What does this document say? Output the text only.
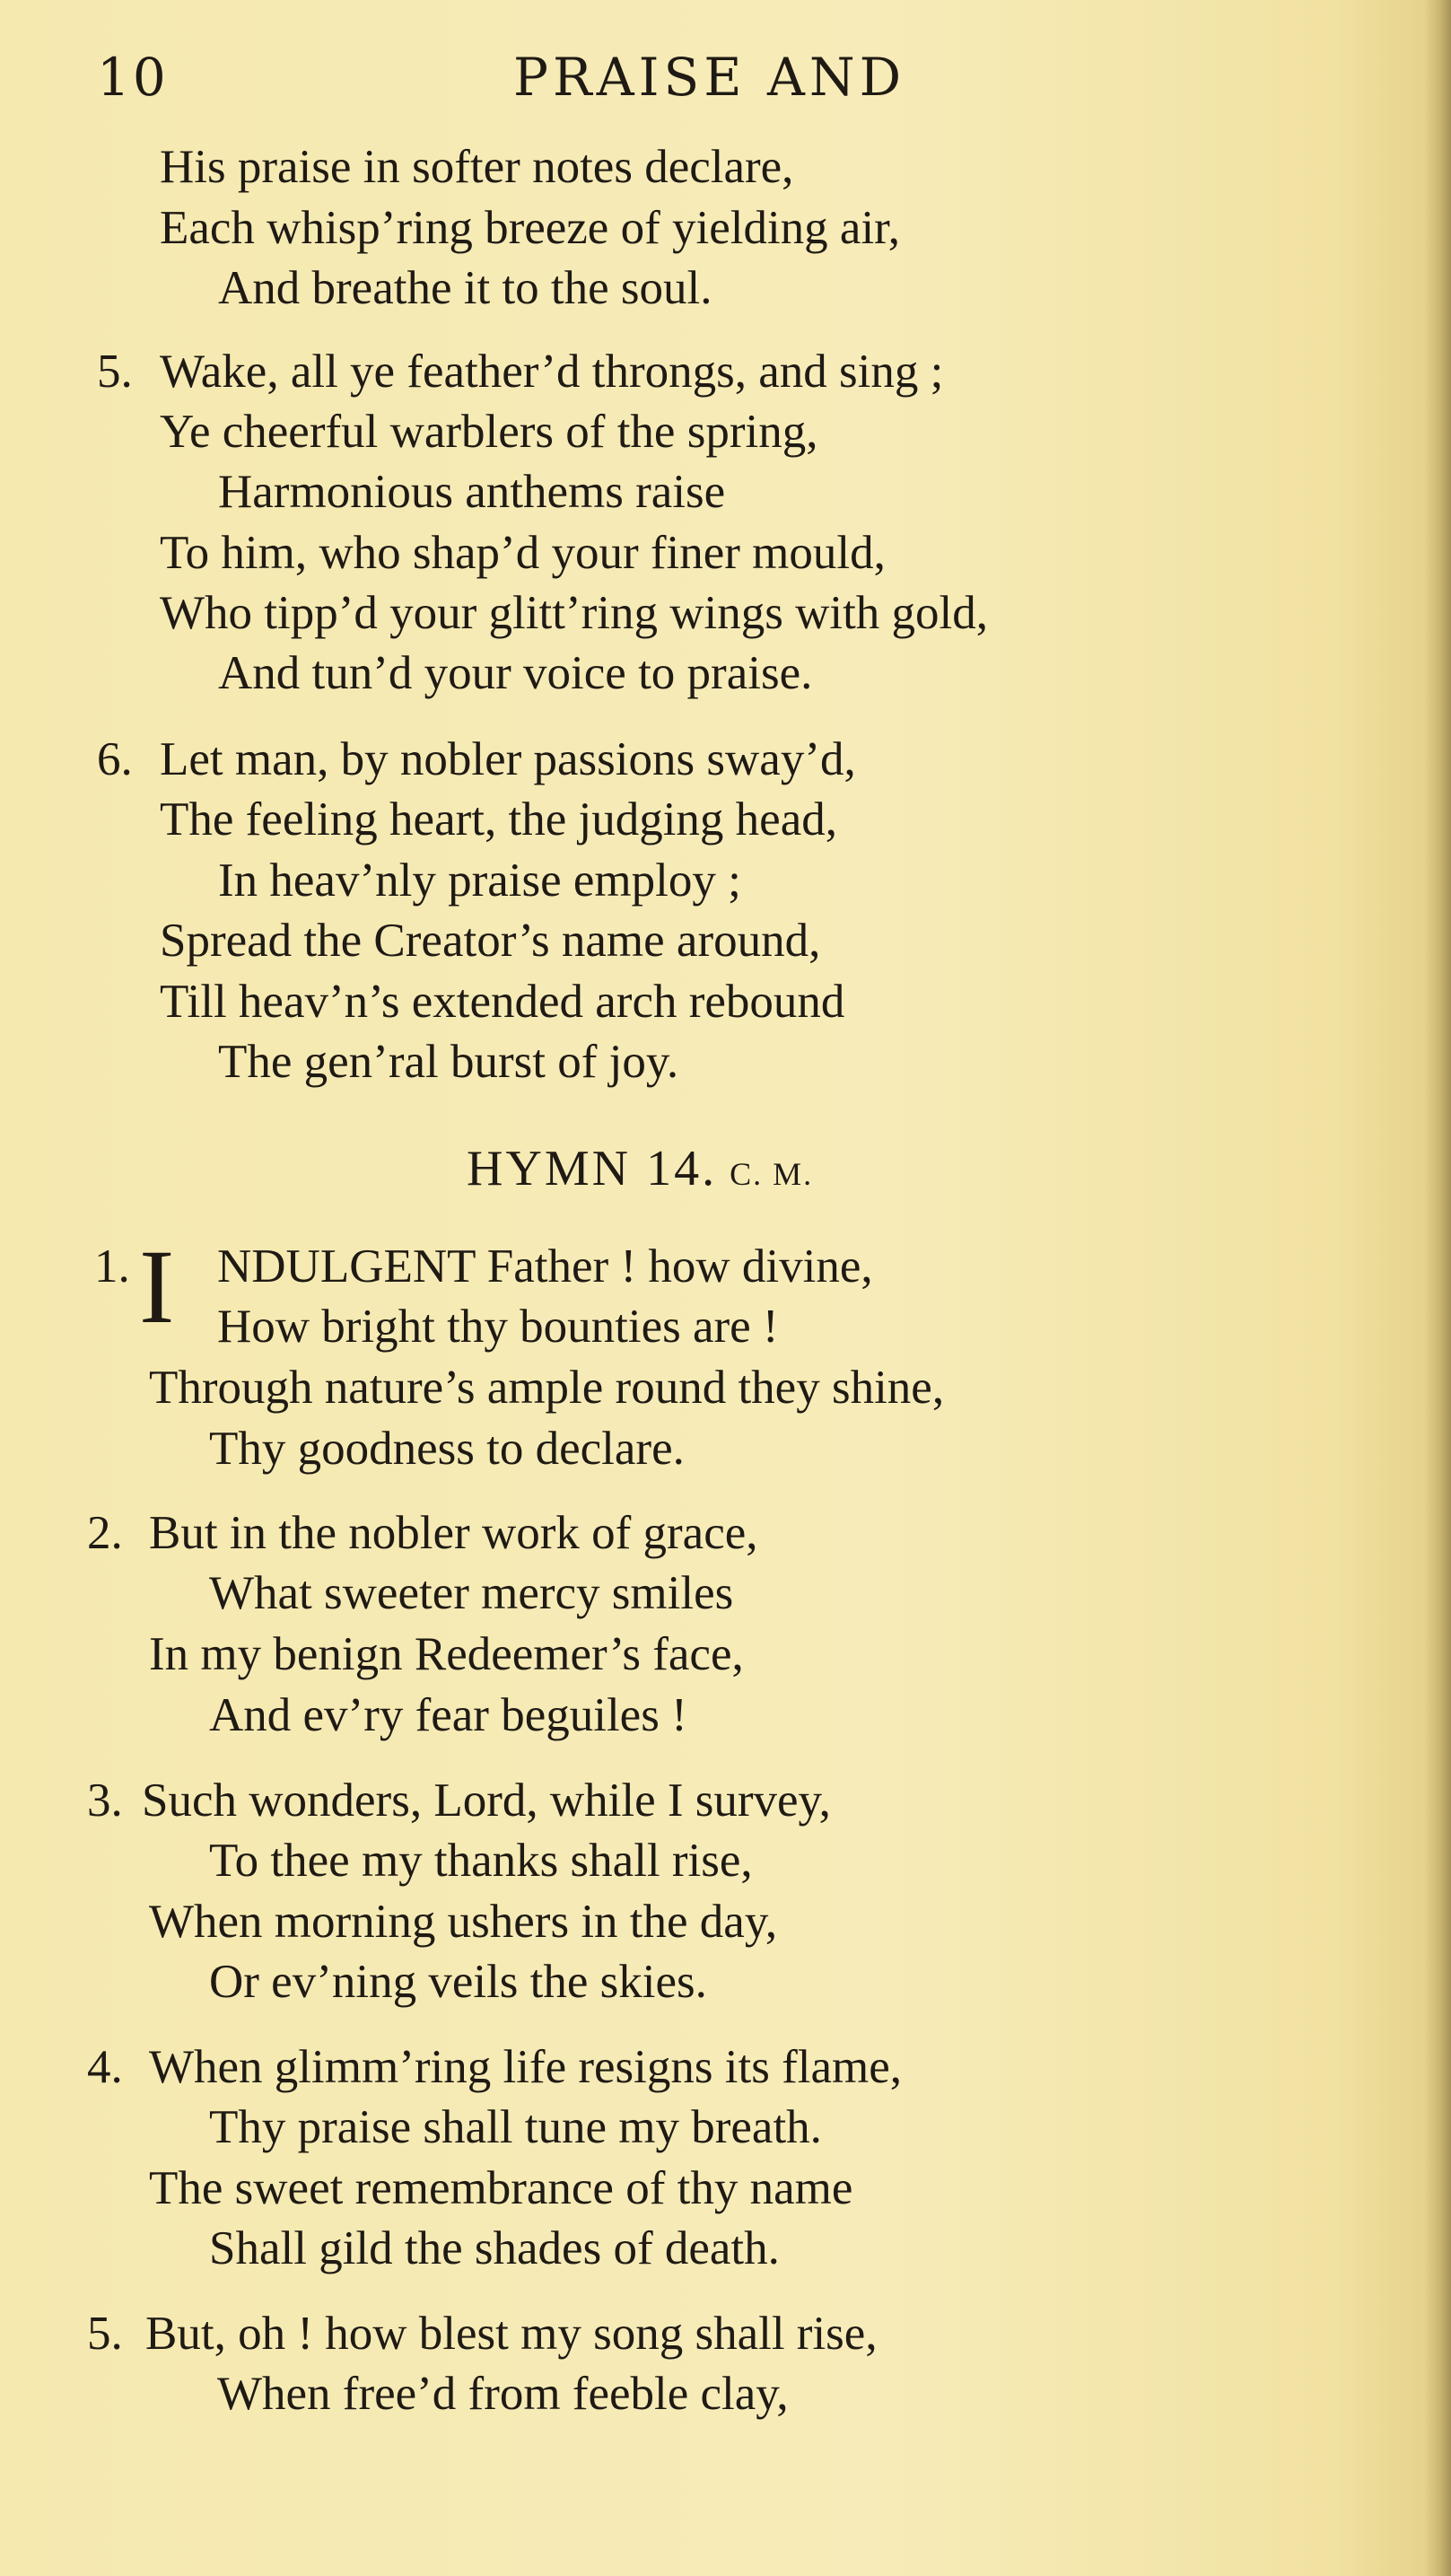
10	PRAISE AND
His praise in softer notes declare,
Each whisp’ring breeze of yielding air,
And breathe it to the soul.
5. Wake, all ye feather’d throngs, and sing ;
Ye cheerful warblers of the spring,
Harmonious anthems raise
To him, who shap’d your finer mould,
Who tipp’d your glitt’ring wings with gold,
And tun’d your voice to praise.
6. Let man, by nobler passions sway’d,
The feeling heart, the judging head,
In heav’nly praise employ ;
Spread the Creator’s name around,
Till heav’n’s extended arch rebound
The gen’ral burst of joy.
HYMN 14. C. M.
1. I NDULGENT Father ! how divine,
How bright thy bounties are !
Through nature’s ample round they shine,
Thy goodness to declare.
2. But in the nobler work of grace,
What sweeter mercy smiles
In my benign Redeemer’s face,
And ev’ry fear beguiles !
3. Such wonders, Lord, while I survey,
To thee my thanks shall rise,
When morning ushers in the day,
Or ev’ning veils the skies.
4. When glimm’ring life resigns its flame,
Thy praise shall tune my breath.
The sweet remembrance of thy name
Shall gild the shades of death.
5. But, oh ! how blest my song shall rise,
When free’d from feeble clay,
